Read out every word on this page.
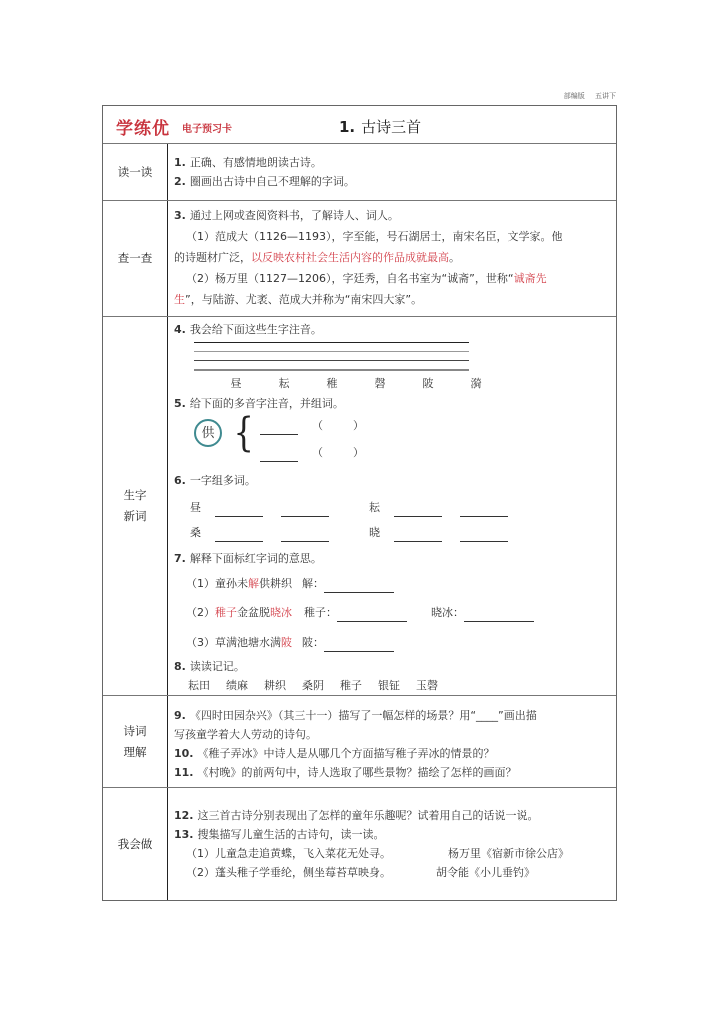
部编版 五讲下
学练优 电子预习卡	1. 古诗三首
读一读
1. 正确、有感情地朗读古诗。
2. 圈画出古诗中自己不理解的字词。
查一查
3. 通过上网或查阅资料书，了解诗人、词人。
（1）范成大（1126—1193），字至能，号石湖居士，南宋名臣，文学家。他
的诗题材广泛，以反映农村社会生活内容的作品成就最高。
（2）杨万里（1127—1206），字廷秀，自名书室为“诚斋”，世称“诚斋先
生”，与陆游、尤袤、范成大并称为“南宋四大家”。
生字
新词
4. 我会给下面这些生字注音。
昼	耘	稚	磬	陂	漪
5. 给下面的多音字注音，并组词。
供 {	（	）
（	）
6. 一字组多词。
昼	耘
桑	晓
7. 解释下面标红字词的意思。
（1）童孙未解供耕织 解：
（2）稚子金盆脱晓冰 稚子：	晓冰：
（3）草满池塘水满陂 陂：
8. 读读记记。
耘田 绩麻 耕织 桑阴 稚子 银钲 玉磬
诗词
理解
9. 《四时田园杂兴》（其三十一）描写了一幅怎样的场景？用“____”画出描
写孩童学着大人劳动的诗句。
10. 《稚子弄冰》中诗人是从哪几个方面描写稚子弄冰的情景的？
11. 《村晚》的前两句中，诗人选取了哪些景物？描绘了怎样的画面？
我会做
12. 这三首古诗分别表现出了怎样的童年乐趣呢？试着用自己的话说一说。
13. 搜集描写儿童生活的古诗句，读一读。
（1）儿童急走追黄蝶，飞入菜花无处寻。	杨万里《宿新市徐公店》
（2）蓬头稚子学垂纶，侧坐莓苔草映身。	胡令能《小儿垂钓》
